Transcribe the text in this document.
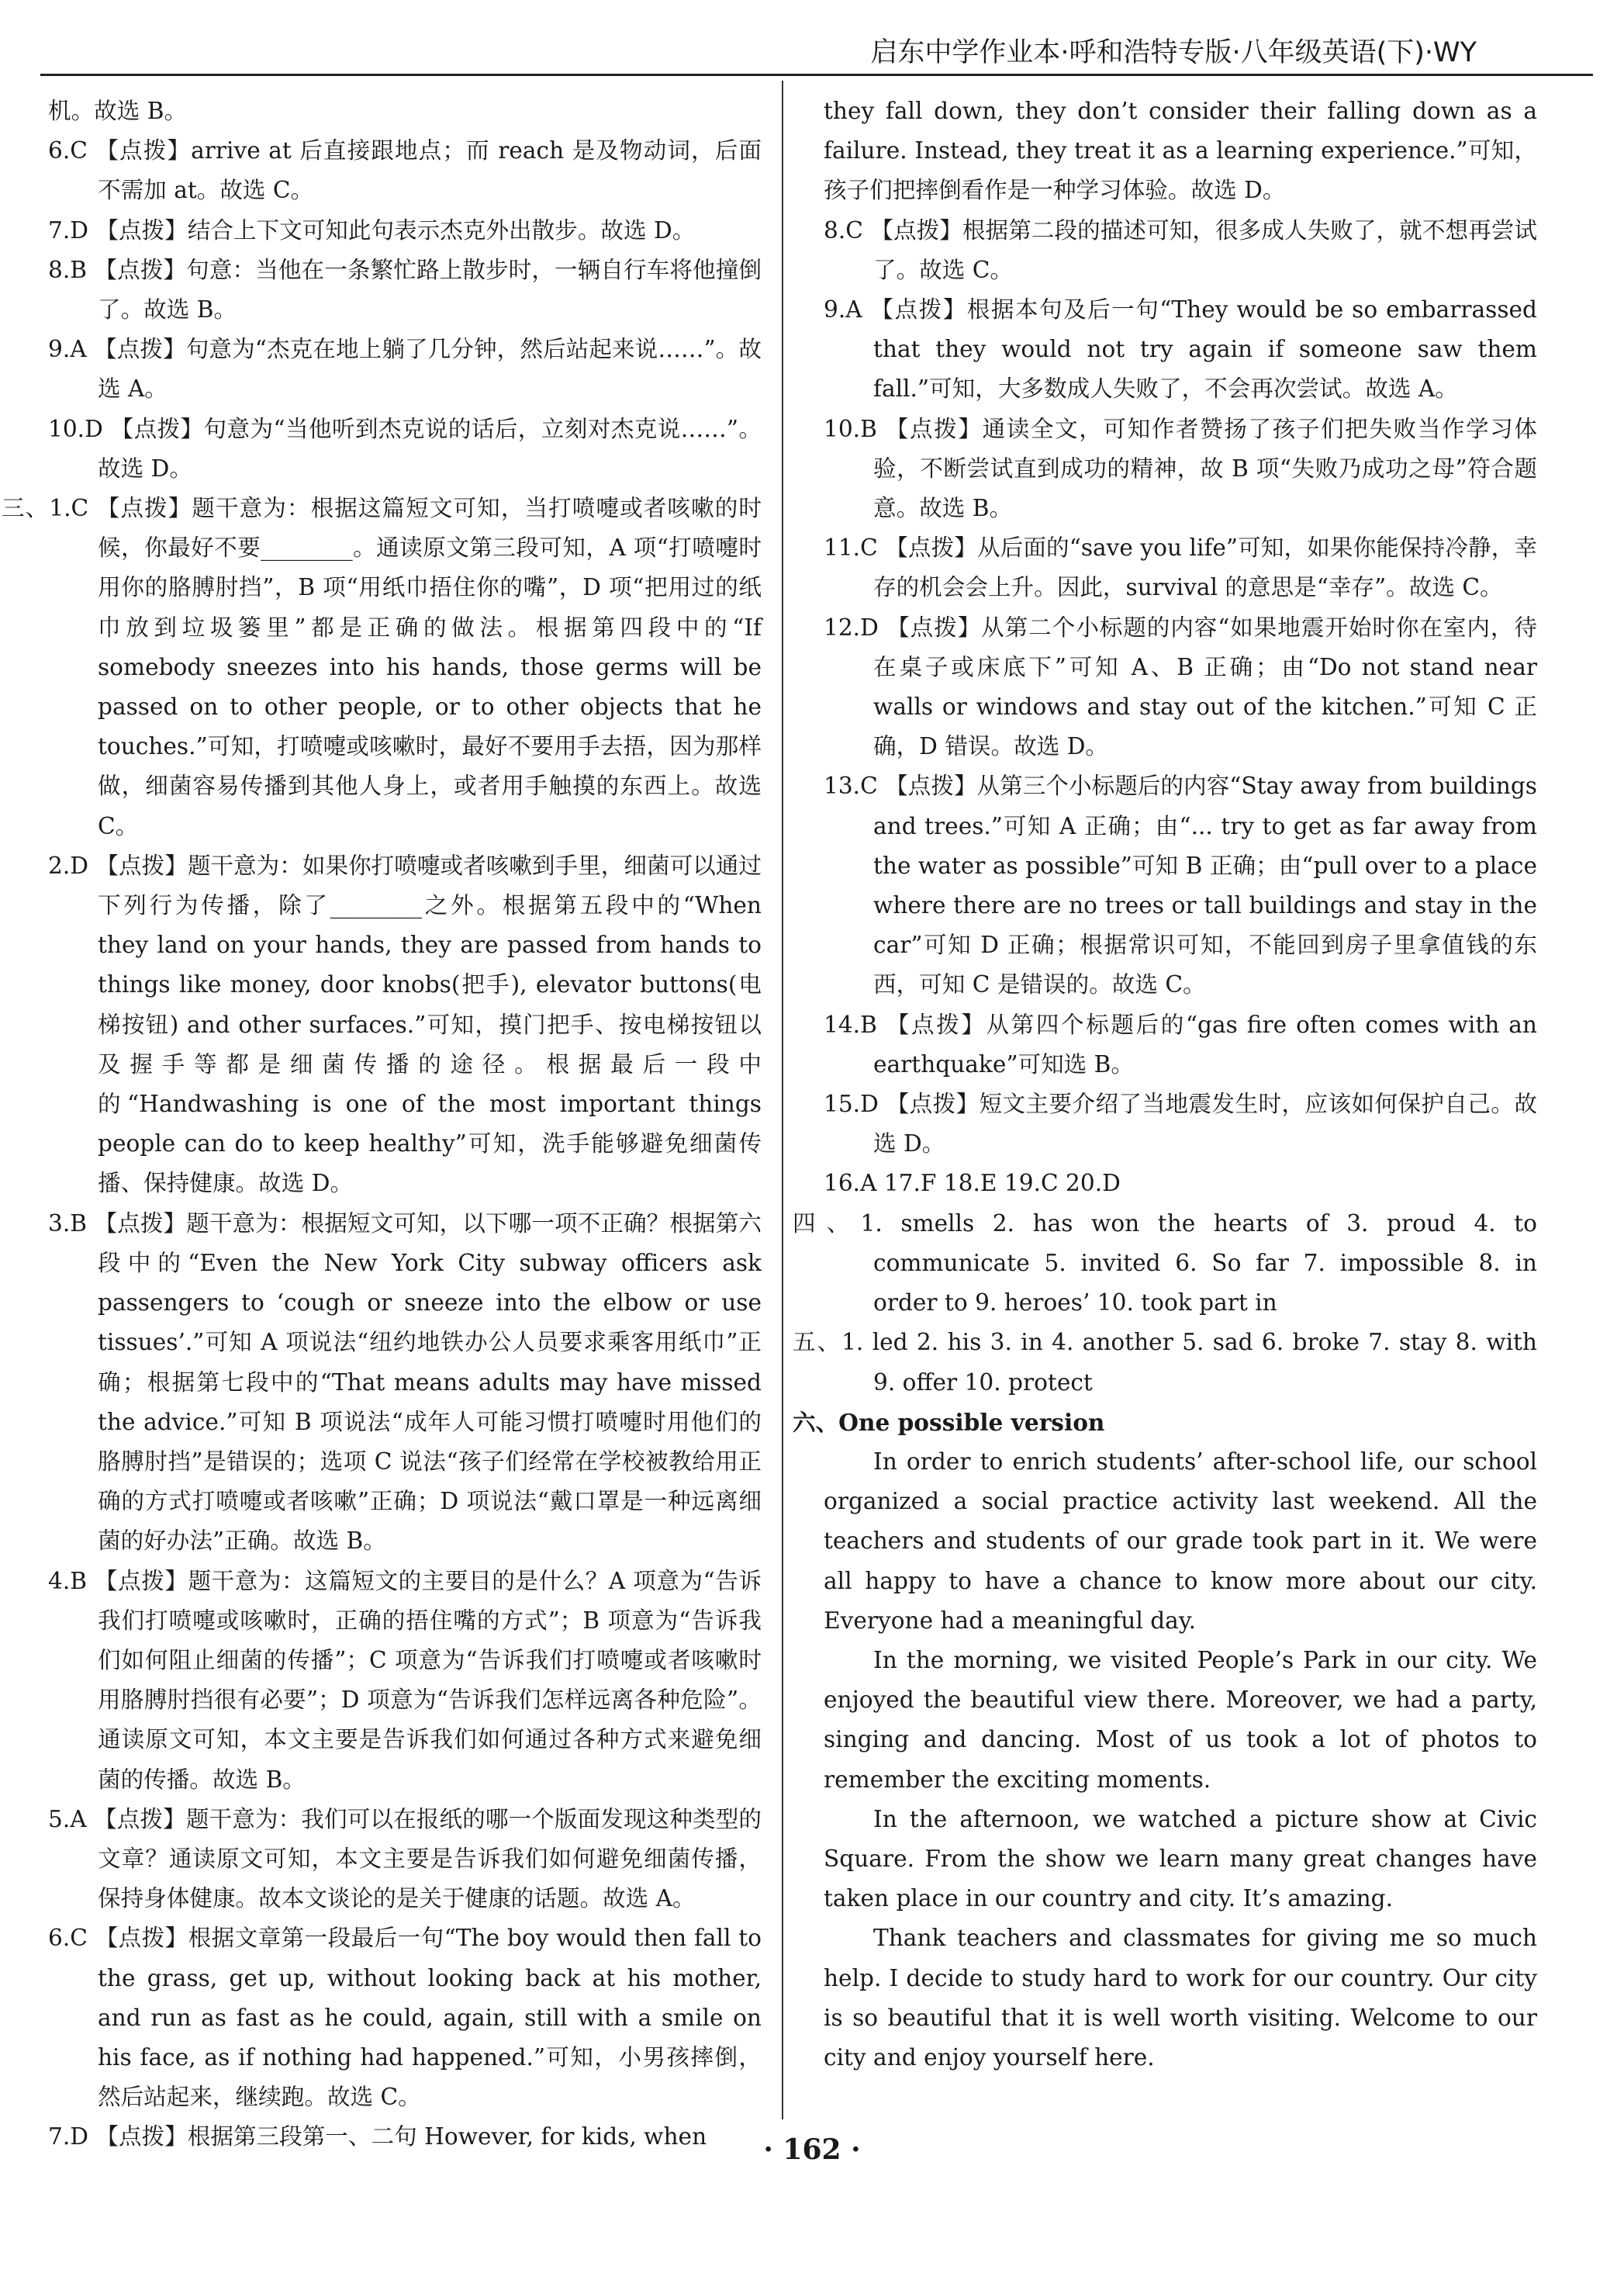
启东中学作业本·呼和浩特专版·八年级英语(下)·WY

机。故选 B。

6.C 【点拨】arrive at 后直接跟地点；而 reach 是及物动词，后面不需加 at。故选 C。

7.D 【点拨】结合上下文可知此句表示杰克外出散步。故选 D。

8.B 【点拨】句意：当他在一条繁忙路上散步时，一辆自行车将他撞倒了。故选 B。

9.A 【点拨】句意为“杰克在地上躺了几分钟，然后站起来说……”。故选 A。

10.D 【点拨】句意为“当他听到杰克说的话后，立刻对杰克说……”。故选 D。

三、1.C 【点拨】题干意为：根据这篇短文可知，当打喷嚏或者咳嗽的时候，你最好不要________。通读原文第三段可知，A 项“打喷嚏时用你的胳膊肘挡”，B 项“用纸巾捂住你的嘴”，D 项“把用过的纸巾放到垃圾篓里”都是正确的做法。根据第四段中的“If somebody sneezes into his hands, those germs will be passed on to other people, or to other objects that he touches.”可知，打喷嚏或咳嗽时，最好不要用手去捂，因为那样做，细菌容易传播到其他人身上，或者用手触摸的东西上。故选 C。

2.D 【点拨】题干意为：如果你打喷嚏或者咳嗽到手里，细菌可以通过下列行为传播，除了________之外。根据第五段中的“When they land on your hands, they are passed from hands to things like money, door knobs(把手), elevator buttons(电梯按钮) and other surfaces.”可知，摸门把手、按电梯按钮以及握手等都是细菌传播的途径。根据最后一段中的“Handwashing is one of the most important things people can do to keep healthy”可知，洗手能够避免细菌传播、保持健康。故选 D。

3.B 【点拨】题干意为：根据短文可知，以下哪一项不正确？根据第六段中的“Even the New York City subway officers ask passengers to ‘cough or sneeze into the elbow or use tissues’.”可知 A 项说法“纽约地铁办公人员要求乘客用纸巾”正确；根据第七段中的“That means adults may have missed the advice.”可知 B 项说法“成年人可能习惯打喷嚏时用他们的胳膊肘挡”是错误的；选项 C 说法“孩子们经常在学校被教给用正确的方式打喷嚏或者咳嗽”正确；D 项说法“戴口罩是一种远离细菌的好办法”正确。故选 B。

4.B 【点拨】题干意为：这篇短文的主要目的是什么？A 项意为“告诉我们打喷嚏或咳嗽时，正确的捂住嘴的方式”；B 项意为“告诉我们如何阻止细菌的传播”；C 项意为“告诉我们打喷嚏或者咳嗽时用胳膊肘挡很有必要”；D 项意为“告诉我们怎样远离各种危险”。通读原文可知，本文主要是告诉我们如何通过各种方式来避免细菌的传播。故选 B。

5.A 【点拨】题干意为：我们可以在报纸的哪一个版面发现这种类型的文章？通读原文可知，本文主要是告诉我们如何避免细菌传播，保持身体健康。故本文谈论的是关于健康的话题。故选 A。

6.C 【点拨】根据文章第一段最后一句“The boy would then fall to the grass, get up, without looking back at his mother, and run as fast as he could, again, still with a smile on his face, as if nothing had happened.”可知，小男孩摔倒，然后站起来，继续跑。故选 C。

7.D 【点拨】根据第三段第一、二句 However, for kids, when

they fall down, they don’t consider their falling down as a failure. Instead, they treat it as a learning experience.”可知，孩子们把摔倒看作是一种学习体验。故选 D。

8.C 【点拨】根据第二段的描述可知，很多成人失败了，就不想再尝试了。故选 C。

9.A 【点拨】根据本句及后一句“They would be so embarrassed that they would not try again if someone saw them fall.”可知，大多数成人失败了，不会再次尝试。故选 A。

10.B 【点拨】通读全文，可知作者赞扬了孩子们把失败当作学习体验，不断尝试直到成功的精神，故 B 项“失败乃成功之母”符合题意。故选 B。

11.C 【点拨】从后面的“save you life”可知，如果你能保持冷静，幸存的机会会上升。因此，survival 的意思是“幸存”。故选 C。

12.D 【点拨】从第二个小标题的内容“如果地震开始时你在室内，待在桌子或床底下”可知 A、B 正确；由“Do not stand near walls or windows and stay out of the kitchen.”可知 C 正确，D 错误。故选 D。

13.C 【点拨】从第三个小标题后的内容“Stay away from buildings and trees.”可知 A 正确；由“... try to get as far away from the water as possible”可知 B 正确；由“pull over to a place where there are no trees or tall buildings and stay in the car”可知 D 正确；根据常识可知，不能回到房子里拿值钱的东西，可知 C 是错误的。故选 C。

14.B 【点拨】从第四个标题后的“gas fire often comes with an earthquake”可知选 B。

15.D 【点拨】短文主要介绍了当地震发生时，应该如何保护自己。故选 D。

16.A 17.F 18.E 19.C 20.D

四、1. smells 2. has won the hearts of 3. proud 4. to communicate 5. invited 6. So far 7. impossible 8. in order to 9. heroes’ 10. took part in

五、1. led 2. his 3. in 4. another 5. sad 6. broke 7. stay 8. with 9. offer 10. protect

六、One possible version

In order to enrich students’ after-school life, our school organized a social practice activity last weekend. All the teachers and students of our grade took part in it. We were all happy to have a chance to know more about our city. Everyone had a meaningful day.

In the morning, we visited People’s Park in our city. We enjoyed the beautiful view there. Moreover, we had a party, singing and dancing. Most of us took a lot of photos to remember the exciting moments.

In the afternoon, we watched a picture show at Civic Square. From the show we learn many great changes have taken place in our country and city. It’s amazing.

Thank teachers and classmates for giving me so much help. I decide to study hard to work for our country. Our city is so beautiful that it is well worth visiting. Welcome to our city and enjoy yourself here.

· 162 ·
